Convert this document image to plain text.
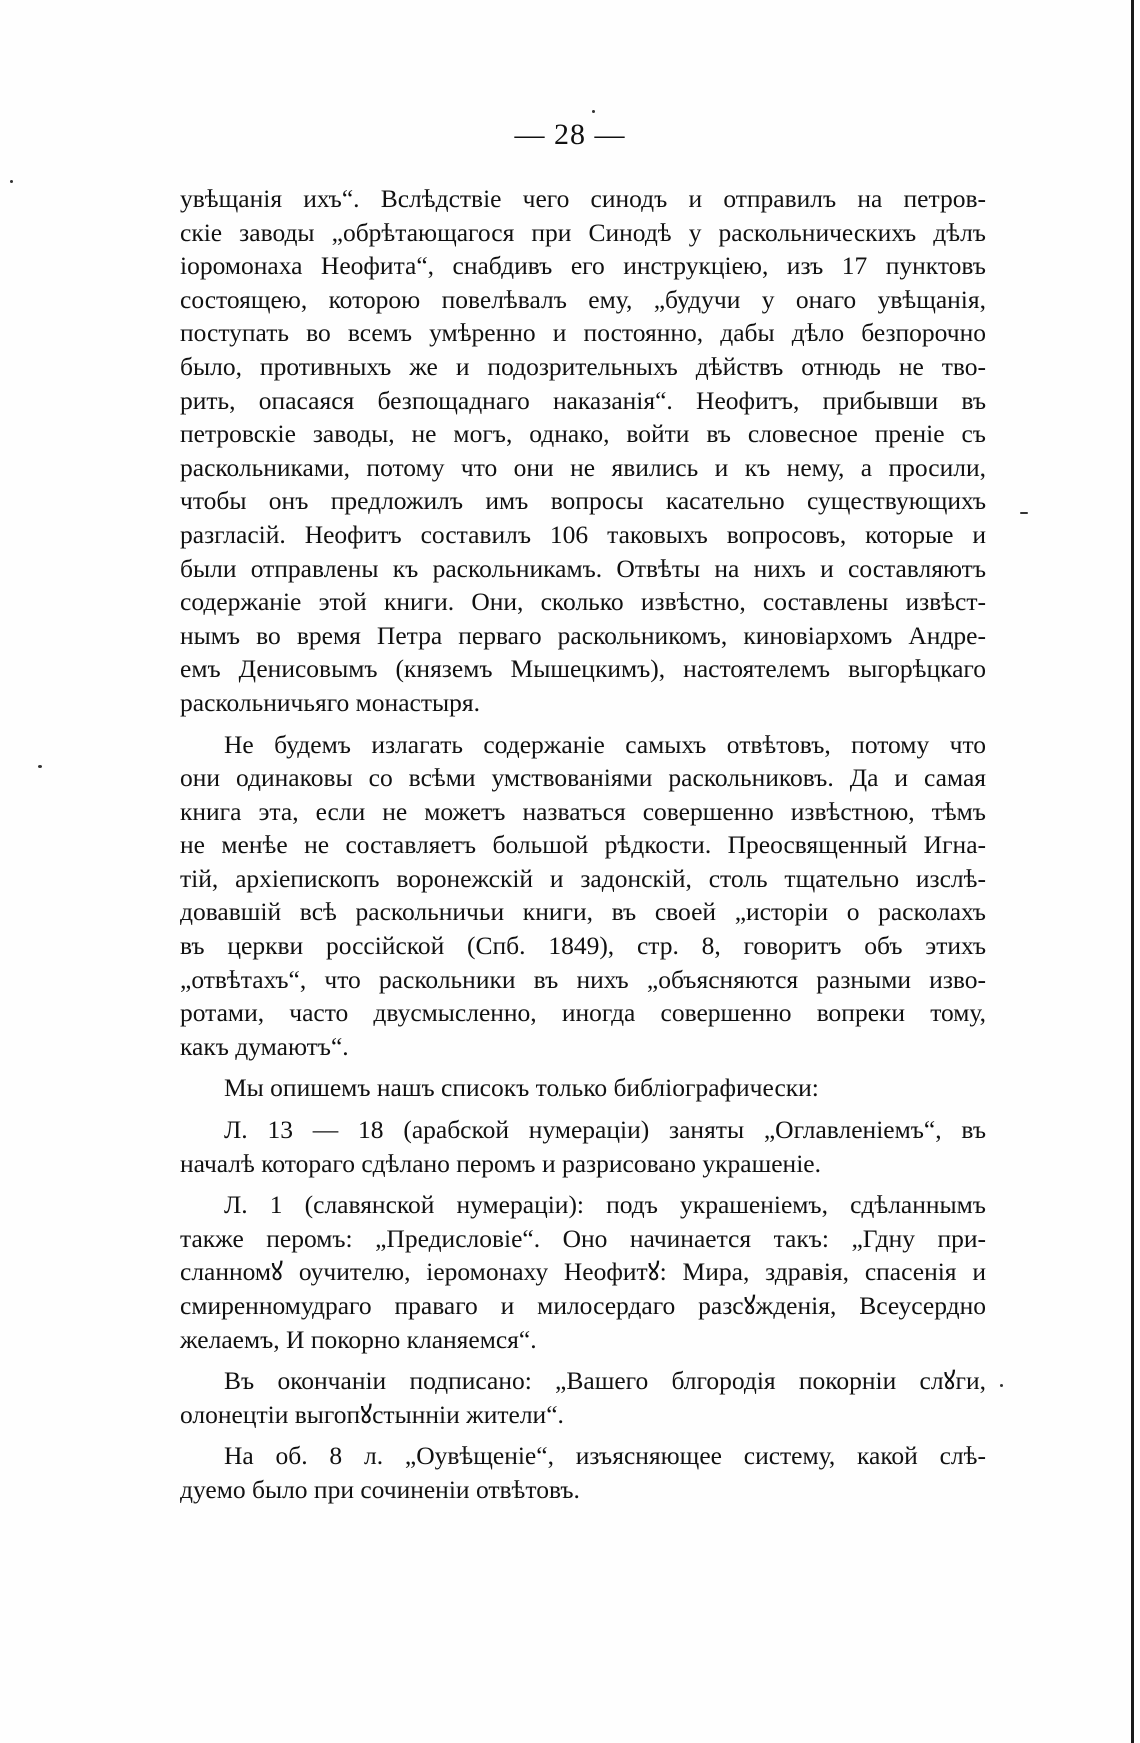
— 28 —
увѣщанія ихъ“. Вслѣдствіе чего синодъ и отправилъ на петров-
скіе заводы „обрѣтающагося при Синодѣ у раскольническихъ дѣлъ
іоромонаха Неофита“, снабдивъ его инструкціею, изъ 17 пунктовъ
состоящею, которою повелѣвалъ ему, „будучи у онаго увѣщанія,
поступать во всемъ умѣренно и постоянно, дабы дѣло безпорочно
было, противныхъ же и подозрительныхъ дѣйствъ отнюдь не тво-
рить, опасаяся безпощаднаго наказанія“. Неофитъ, прибывши въ
петровскіе заводы, не могъ, однако, войти въ словесное преніе съ
раскольниками, потому что они не явились и къ нему, а просили,
чтобы онъ предложилъ имъ вопросы касательно существующихъ
разгласій. Неофитъ составилъ 106 таковыхъ вопросовъ, которые и
были отправлены къ раскольникамъ. Отвѣты на нихъ и составляютъ
содержаніе этой книги. Они, сколько извѣстно, составлены извѣст-
нымъ во время Петра перваго раскольникомъ, киновіархомъ Андре-
емъ Денисовымъ (княземъ Мышецкимъ), настоятелемъ выгорѣцкаго
раскольничьяго монастыря.
Не будемъ излагать содержаніе самыхъ отвѣтовъ, потому что
они одинаковы со всѣми умствованіями раскольниковъ. Да и самая
книга эта, если не можетъ назваться совершенно извѣстною, тѣмъ
не менѣе не составляетъ большой рѣдкости. Преосвященный Игна-
тій, архіепископъ воронежскій и задонскій, столь тщательно изслѣ-
довавшій всѣ раскольничьи книги, въ своей „исторіи о расколахъ
въ церкви россійской (Спб. 1849), стр. 8, говоритъ объ этихъ
„отвѣтахъ“, что раскольники въ нихъ „объясняются разными изво-
ротами, часто двусмысленно, иногда совершенно вопреки тому,
какъ думаютъ“.
Мы опишемъ нашъ списокъ только библіографически:
Л. 13 — 18 (арабской нумераціи) заняты „Оглавленіемъ“, въ
началѣ котораго сдѣлано перомъ и разрисовано украшеніе.
Л. 1 (славянской нумераціи): подъ украшеніемъ, сдѣланнымъ
также перомъ: „Предисловіе“. Оно начинается такъ: „Гдну при-
сланномꙋ оучителю, іеромонаху Неофитꙋ: Мира, здравія, спасенія и
смиренномудраго праваго и милосердаго разсꙋжденія, Всеусердно
желаемъ, И покорно кланяемся“.
Въ окончаніи подписано: „Вашего блгородія покорніи слꙋги,
олонецтіи выгопꙋстынніи жители“.
На об. 8 л. „Оувѣщеніе“, изъясняющее систему, какой слѣ-
дуемо было при сочиненіи отвѣтовъ.
